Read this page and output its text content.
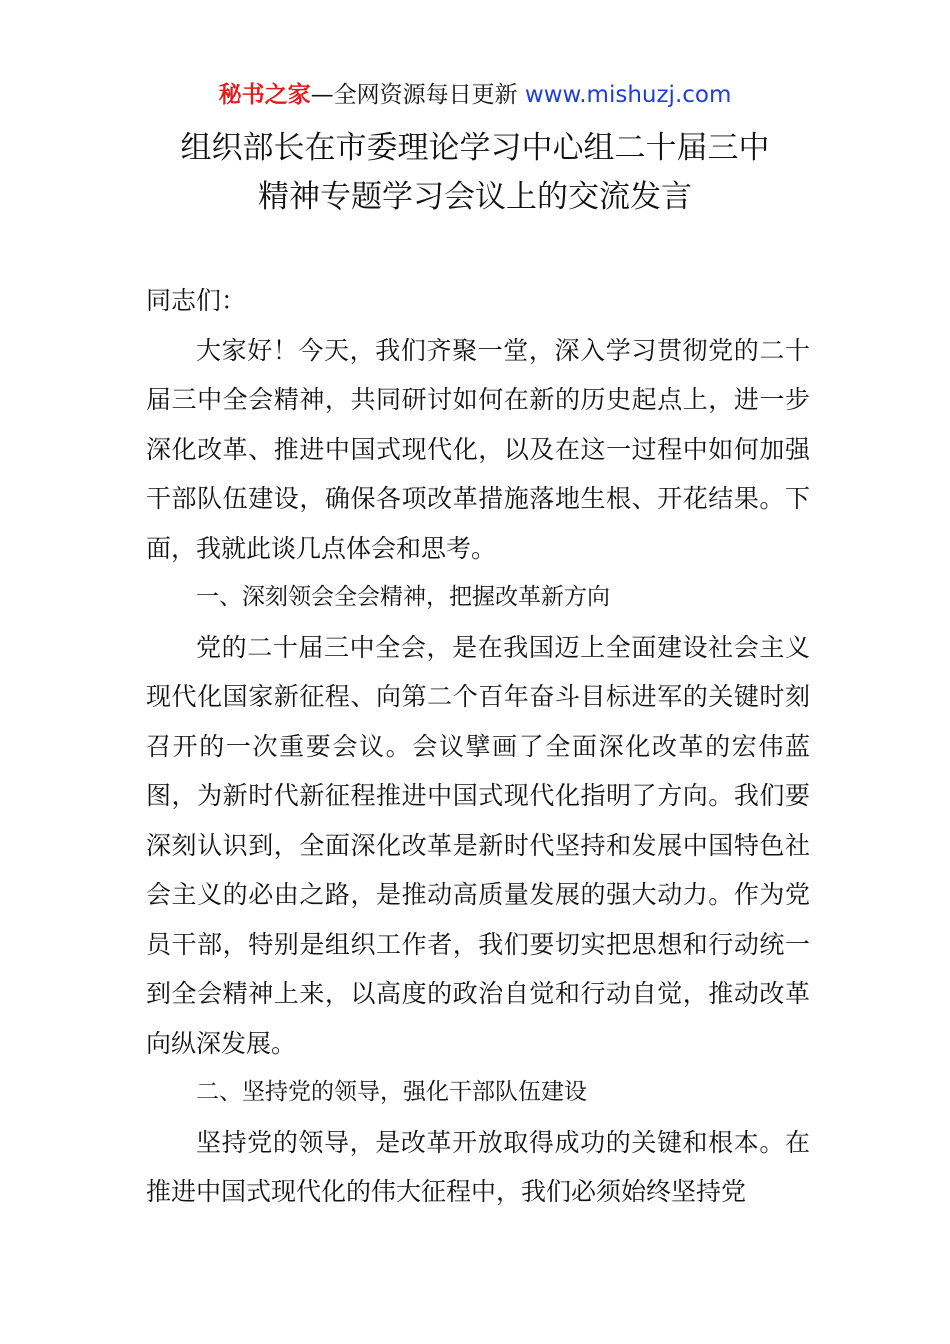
秘书之家—全网资源每日更新 www.mishuzj.com
组织部长在市委理论学习中心组二十届三中
精神专题学习会议上的交流发言

同志们：

大家好！今天，我们齐聚一堂，深入学习贯彻党的二十届三中全会精神，共同研讨如何在新的历史起点上，进一步深化改革、推进中国式现代化，以及在这一过程中如何加强干部队伍建设，确保各项改革措施落地生根、开花结果。下面，我就此谈几点体会和思考。

一、深刻领会全会精神，把握改革新方向

党的二十届三中全会，是在我国迈上全面建设社会主义现代化国家新征程、向第二个百年奋斗目标进军的关键时刻召开的一次重要会议。会议擘画了全面深化改革的宏伟蓝图，为新时代新征程推进中国式现代化指明了方向。我们要深刻认识到，全面深化改革是新时代坚持和发展中国特色社会主义的必由之路，是推动高质量发展的强大动力。作为党员干部，特别是组织工作者，我们要切实把思想和行动统一到全会精神上来，以高度的政治自觉和行动自觉，推动改革向纵深发展。

二、坚持党的领导，强化干部队伍建设

坚持党的领导，是改革开放取得成功的关键和根本。在推进中国式现代化的伟大征程中，我们必须始终坚持党
